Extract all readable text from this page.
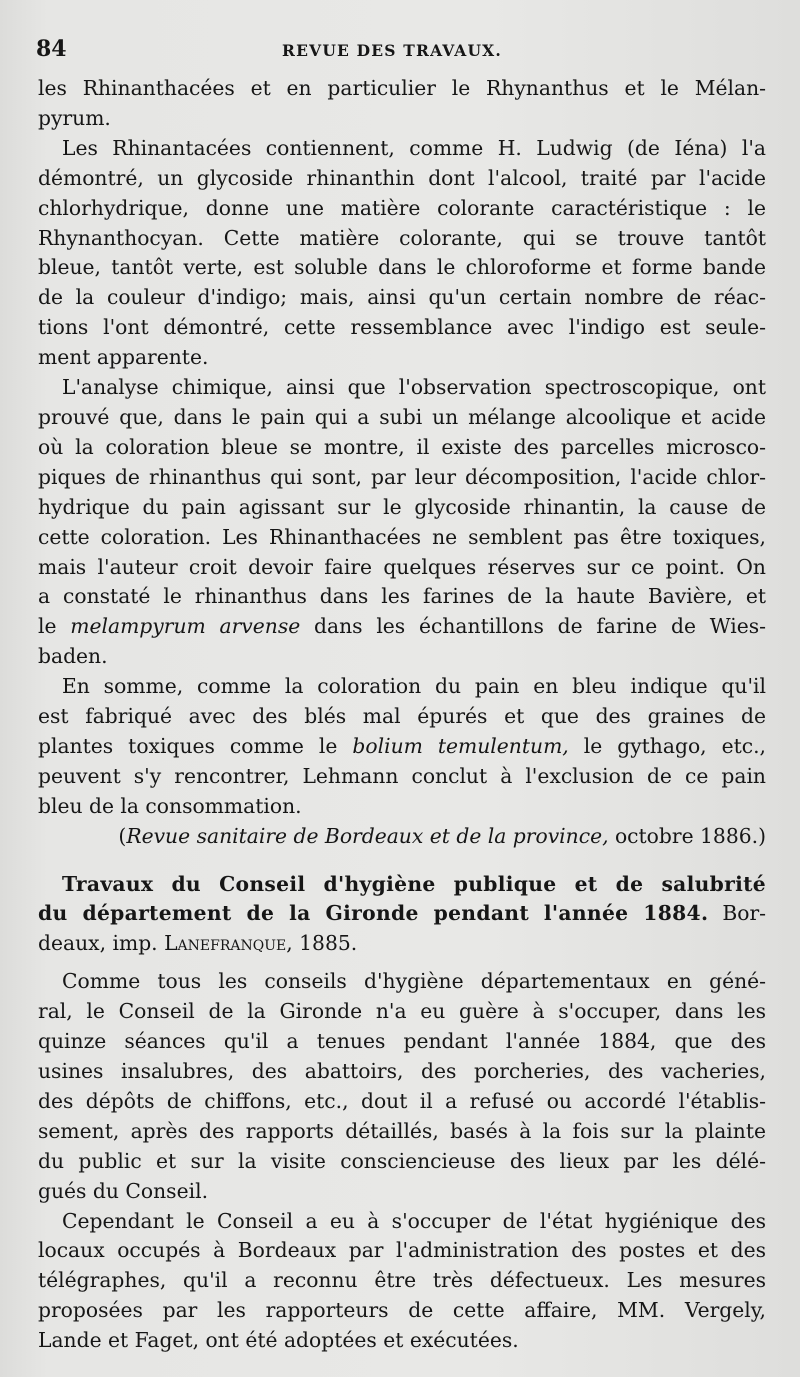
84	REVUE DES TRAVAUX.
les Rhinanthacées et en particulier le Rhynanthus et le Mélan-
pyrum.
Les Rhinantacées contiennent, comme H. Ludwig (de Iéna) l'a
démontré, un glycoside rhinanthin dont l'alcool, traité par l'acide
chlorhydrique, donne une matière colorante caractéristique : le
Rhynanthocyan. Cette matière colorante, qui se trouve tantôt
bleue, tantôt verte, est soluble dans le chloroforme et forme bande
de la couleur d'indigo; mais, ainsi qu'un certain nombre de réac-
tions l'ont démontré, cette ressemblance avec l'indigo est seule-
ment apparente.
L'analyse chimique, ainsi que l'observation spectroscopique, ont
prouvé que, dans le pain qui a subi un mélange alcoolique et acide
où la coloration bleue se montre, il existe des parcelles microsco-
piques de rhinanthus qui sont, par leur décomposition, l'acide chlor-
hydrique du pain agissant sur le glycoside rhinantin, la cause de
cette coloration. Les Rhinanthacées ne semblent pas être toxiques,
mais l'auteur croit devoir faire quelques réserves sur ce point. On
a constaté le rhinanthus dans les farines de la haute Bavière, et
le melampyrum arvense dans les échantillons de farine de Wies-
baden.
En somme, comme la coloration du pain en bleu indique qu'il
est fabriqué avec des blés mal épurés et que des graines de
plantes toxiques comme le bolium temulentum, le gythago, etc.,
peuvent s'y rencontrer, Lehmann conclut à l'exclusion de ce pain
bleu de la consommation.
(Revue sanitaire de Bordeaux et de la province, octobre 1886.)
Travaux du Conseil d'hygiène publique et de salubrité
du département de la Gironde pendant l'année 1884. Bor-
deaux, imp. Lanefranque, 1885.
Comme tous les conseils d'hygiène départementaux en géné-
ral, le Conseil de la Gironde n'a eu guère à s'occuper, dans les
quinze séances qu'il a tenues pendant l'année 1884, que des
usines insalubres, des abattoirs, des porcheries, des vacheries,
des dépôts de chiffons, etc., dout il a refusé ou accordé l'établis-
sement, après des rapports détaillés, basés à la fois sur la plainte
du public et sur la visite consciencieuse des lieux par les délé-
gués du Conseil.
Cependant le Conseil a eu à s'occuper de l'état hygiénique des
locaux occupés à Bordeaux par l'administration des postes et des
télégraphes, qu'il a reconnu être très défectueux. Les mesures
proposées par les rapporteurs de cette affaire, MM. Vergely,
Lande et Faget, ont été adoptées et exécutées.
